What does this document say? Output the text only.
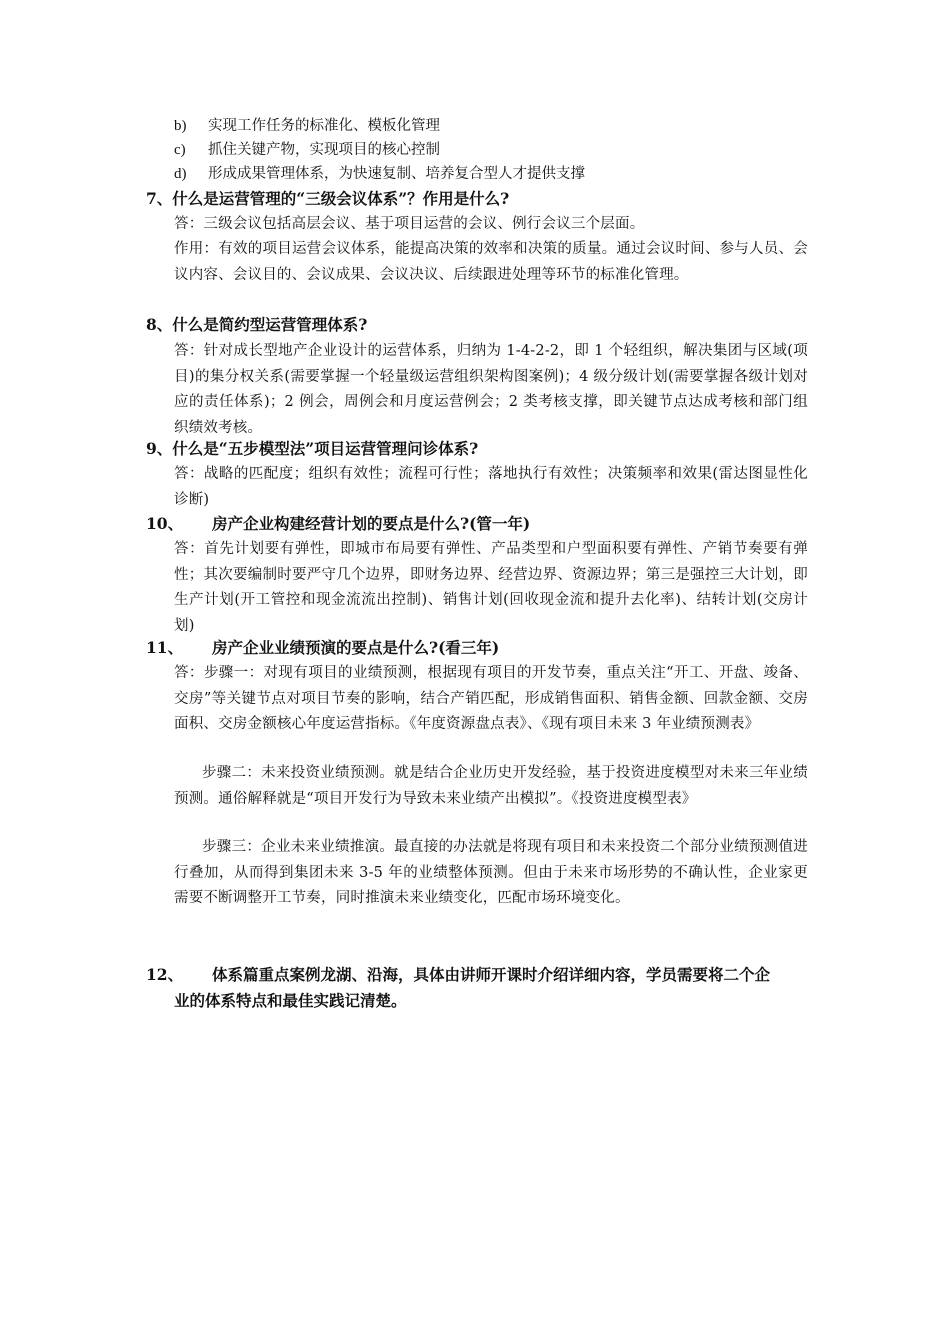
b) 实现工作任务的标准化、模板化管理
c) 抓住关键产物，实现项目的核心控制
d) 形成成果管理体系，为快速复制、培养复合型人才提供支撑
7、什么是运营管理的“三级会议体系”？作用是什么?
答：三级会议包括高层会议、基于项目运营的会议、例行会议三个层面。
作用：有效的项目运营会议体系，能提高决策的效率和决策的质量。通过会议时间、参与人员、会议内容、会议目的、会议成果、会议决议、后续跟进处理等环节的标准化管理。
8、什么是简约型运营管理体系?
答：针对成长型地产企业设计的运营体系，归纳为 1-4-2-2，即 1 个轻组织，解决集团与区域(项目)的集分权关系(需要掌握一个轻量级运营组织架构图案例)；4 级分级计划(需要掌握各级计划对应的责任体系)；2 例会，周例会和月度运营例会；2 类考核支撑，即关键节点达成考核和部门组织绩效考核。
9、什么是“五步模型法”项目运营管理问诊体系?
答：战略的匹配度；组织有效性；流程可行性；落地执行有效性；决策频率和效果(雷达图显性化诊断)
10、 房产企业构建经营计划的要点是什么?(管一年)
答：首先计划要有弹性，即城市布局要有弹性、产品类型和户型面积要有弹性、产销节奏要有弹性；其次要编制时要严守几个边界，即财务边界、经营边界、资源边界；第三是强控三大计划，即生产计划(开工管控和现金流流出控制)、销售计划(回收现金流和提升去化率)、结转计划(交房计划)
11、 房产企业业绩预演的要点是什么?(看三年)
答：步骤一：对现有项目的业绩预测，根据现有项目的开发节奏，重点关注“开工、开盘、竣备、交房”等关键节点对项目节奏的影响，结合产销匹配，形成销售面积、销售金额、回款金额、交房面积、交房金额核心年度运营指标。《年度资源盘点表》、《现有项目未来 3 年业绩预测表》
步骤二：未来投资业绩预测。就是结合企业历史开发经验，基于投资进度模型对未来三年业绩预测。通俗解释就是“项目开发行为导致未来业绩产出模拟”。《投资进度模型表》
步骤三：企业未来业绩推演。最直接的办法就是将现有项目和未来投资二个部分业绩预测值进行叠加，从而得到集团未来 3-5 年的业绩整体预测。但由于未来市场形势的不确认性，企业家更需要不断调整开工节奏，同时推演未来业绩变化，匹配市场环境变化。
12、 体系篇重点案例龙湖、沿海，具体由讲师开课时介绍详细内容，学员需要将二个企
业的体系特点和最佳实践记清楚。
